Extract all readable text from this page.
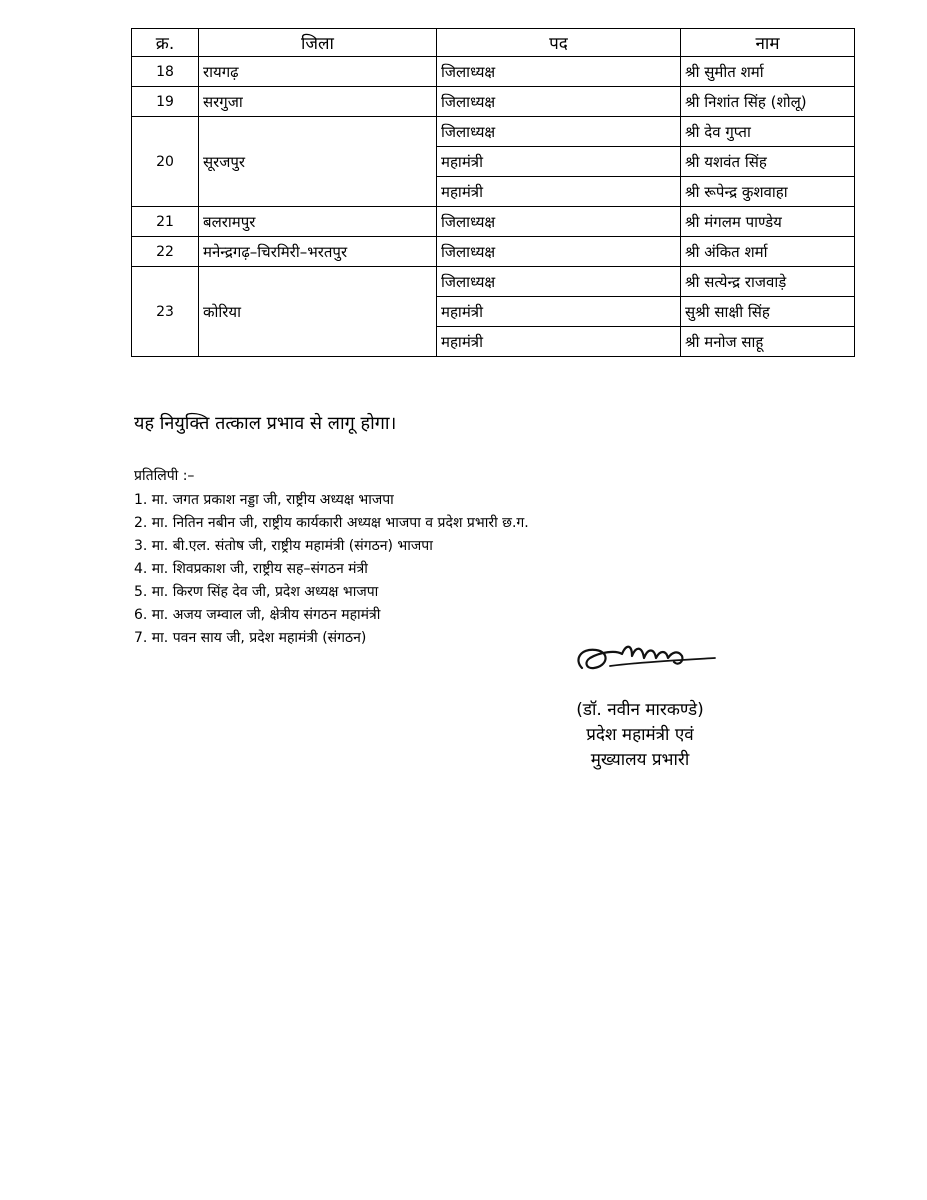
क्र.	जिला	पद	नाम
18	रायगढ़	जिलाध्यक्ष	श्री सुमीत शर्मा
19	सरगुजा	जिलाध्यक्ष	श्री निशांत सिंह (शोलू)
20	सूरजपुर	जिलाध्यक्ष	श्री देव गुप्ता
		महामंत्री	श्री यशवंत सिंह
		महामंत्री	श्री रूपेन्द्र कुशवाहा
21	बलरामपुर	जिलाध्यक्ष	श्री मंगलम पाण्डेय
22	मनेन्द्रगढ़–चिरमिरी–भरतपुर	जिलाध्यक्ष	श्री अंकित शर्मा
23	कोरिया	जिलाध्यक्ष	श्री सत्येन्द्र राजवाड़े
		महामंत्री	सुश्री साक्षी सिंह
		महामंत्री	श्री मनोज साहू
यह नियुक्ति तत्काल प्रभाव से लागू होगा।
प्रतिलिपी :–
1. मा. जगत प्रकाश नड्डा जी, राष्ट्रीय अध्यक्ष भाजपा
2. मा. नितिन नबीन जी, राष्ट्रीय कार्यकारी अध्यक्ष भाजपा व प्रदेश प्रभारी छ.ग.
3. मा. बी.एल. संतोष जी, राष्ट्रीय महामंत्री (संगठन) भाजपा
4. मा. शिवप्रकाश जी, राष्ट्रीय सह–संगठन मंत्री
5. मा. किरण सिंह देव जी, प्रदेश अध्यक्ष भाजपा
6. मा. अजय जम्वाल जी, क्षेत्रीय संगठन महामंत्री
7. मा. पवन साय जी, प्रदेश महामंत्री (संगठन)
(डॉ. नवीन मारकण्डे)
प्रदेश महामंत्री एवं
मुख्यालय प्रभारी
